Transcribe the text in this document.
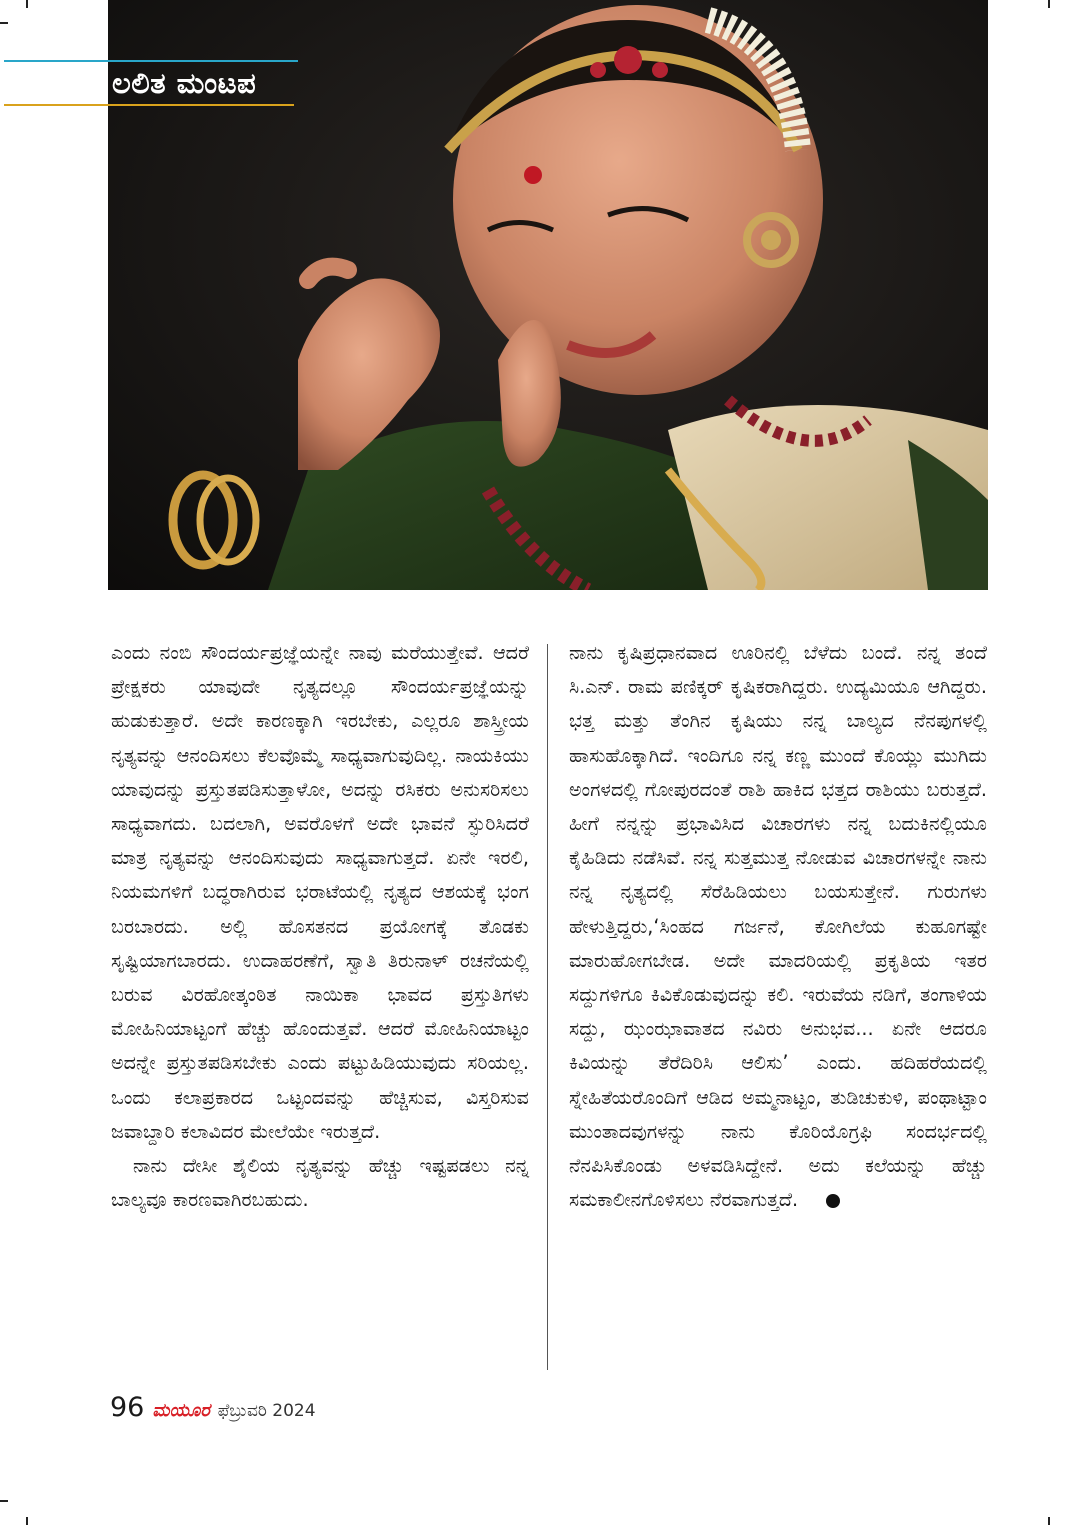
ಲಲಿತ ಮಂಟಪ

ಎಂದು ನಂಬಿ ಸೌಂದರ್ಯಪ್ರಜ್ಞೆಯನ್ನೇ ನಾವು ಮರೆಯುತ್ತೇವೆ. ಆದರೆ ಪ್ರೇಕ್ಷಕರು ಯಾವುದೇ ನೃತ್ಯದಲ್ಲೂ ಸೌಂದರ್ಯಪ್ರಜ್ಞೆಯನ್ನು ಹುಡುಕುತ್ತಾರೆ. ಅದೇ ಕಾರಣಕ್ಕಾಗಿ ಇರಬೇಕು, ಎಲ್ಲರೂ ಶಾಸ್ತ್ರೀಯ ನೃತ್ಯವನ್ನು ಆನಂದಿಸಲು ಕೆಲವೊಮ್ಮೆ ಸಾಧ್ಯವಾಗುವುದಿಲ್ಲ. ನಾಯಕಿಯು ಯಾವುದನ್ನು ಪ್ರಸ್ತುತಪಡಿಸುತ್ತಾಳೋ, ಅದನ್ನು ರಸಿಕರು ಅನುಸರಿಸಲು ಸಾಧ್ಯವಾಗದು. ಬದಲಾಗಿ, ಅವರೊಳಗೆ ಅದೇ ಭಾವನೆ ಸ್ಫುರಿಸಿದರೆ ಮಾತ್ರ ನೃತ್ಯವನ್ನು ಆನಂದಿಸುವುದು ಸಾಧ್ಯವಾಗುತ್ತದೆ. ಏನೇ ಇರಲಿ, ನಿಯಮಗಳಿಗೆ ಬದ್ಧರಾಗಿರುವ ಭರಾಟೆಯಲ್ಲಿ ನೃತ್ಯದ ಆಶಯಕ್ಕೆ ಭಂಗ ಬರಬಾರದು. ಅಲ್ಲಿ ಹೊಸತನದ ಪ್ರಯೋಗಕ್ಕೆ ತೊಡಕು ಸೃಷ್ಟಿಯಾಗಬಾರದು. ಉದಾಹರಣೆಗೆ, ಸ್ವಾತಿ ತಿರುನಾಳ್ ರಚನೆಯಲ್ಲಿ ಬರುವ ವಿರಹೋತ್ಕಂಠಿತ ನಾಯಿಕಾ ಭಾವದ ಪ್ರಸ್ತುತಿಗಳು ಮೋಹಿನಿಯಾಟ್ಟಂಗೆ ಹೆಚ್ಚು ಹೊಂದುತ್ತವೆ. ಆದರೆ ಮೋಹಿನಿಯಾಟ್ಟಂ ಅದನ್ನೇ ಪ್ರಸ್ತುತಪಡಿಸಬೇಕು ಎಂದು ಪಟ್ಟುಹಿಡಿಯುವುದು ಸರಿಯಲ್ಲ. ಒಂದು ಕಲಾಪ್ರಕಾರದ ಒಟ್ಟಂದವನ್ನು ಹೆಚ್ಚಿಸುವ, ವಿಸ್ತರಿಸುವ ಜವಾಬ್ದಾರಿ ಕಲಾವಿದರ ಮೇಲೆಯೇ ಇರುತ್ತದೆ.

ನಾನು ದೇಸೀ ಶೈಲಿಯ ನೃತ್ಯವನ್ನು ಹೆಚ್ಚು ಇಷ್ಟಪಡಲು ನನ್ನ ಬಾಲ್ಯವೂ ಕಾರಣವಾಗಿರಬಹುದು.

ನಾನು ಕೃಷಿಪ್ರಧಾನವಾದ ಊರಿನಲ್ಲಿ ಬೆಳೆದು ಬಂದೆ. ನನ್ನ ತಂದೆ ಸಿ.ಎನ್. ರಾಮ ಪಣಿಕ್ಕರ್ ಕೃಷಿಕರಾಗಿದ್ದರು. ಉದ್ಯಮಿಯೂ ಆಗಿದ್ದರು. ಭತ್ತ ಮತ್ತು ತೆಂಗಿನ ಕೃಷಿಯು ನನ್ನ ಬಾಲ್ಯದ ನೆನಪುಗಳಲ್ಲಿ ಹಾಸುಹೊಕ್ಕಾಗಿದೆ. ಇಂದಿಗೂ ನನ್ನ ಕಣ್ಣ ಮುಂದೆ ಕೊಯ್ಲು ಮುಗಿದು ಅಂಗಳದಲ್ಲಿ ಗೋಪುರದಂತೆ ರಾಶಿ ಹಾಕಿದ ಭತ್ತದ ರಾಶಿಯು ಬರುತ್ತದೆ. ಹೀಗೆ ನನ್ನನ್ನು ಪ್ರಭಾವಿಸಿದ ವಿಚಾರಗಳು ನನ್ನ ಬದುಕಿನಲ್ಲಿಯೂ ಕೈಹಿಡಿದು ನಡೆಸಿವೆ. ನನ್ನ ಸುತ್ತಮುತ್ತ ನೋಡುವ ವಿಚಾರಗಳನ್ನೇ ನಾನು ನನ್ನ ನೃತ್ಯದಲ್ಲಿ ಸೆರೆಹಿಡಿಯಲು ಬಯಸುತ್ತೇನೆ. ಗುರುಗಳು ಹೇಳುತ್ತಿದ್ದರು,‘ಸಿಂಹದ ಗರ್ಜನೆ, ಕೋಗಿಲೆಯ ಕುಹೂಗಷ್ಟೇ ಮಾರುಹೋಗಬೇಡ. ಅದೇ ಮಾದರಿಯಲ್ಲಿ ಪ್ರಕೃತಿಯ ಇತರ ಸದ್ದುಗಳಿಗೂ ಕಿವಿಕೊಡುವುದನ್ನು ಕಲಿ. ಇರುವೆಯ ನಡಿಗೆ, ತಂಗಾಳಿಯ ಸದ್ದು, ಝಂಝಾವಾತದ ನವಿರು ಅನುಭವ... ಏನೇ ಆದರೂ ಕಿವಿಯನ್ನು ತೆರೆದಿರಿಸಿ ಆಲಿಸು’ ಎಂದು. ಹದಿಹರೆಯದಲ್ಲಿ ಸ್ನೇಹಿತೆಯರೊಂದಿಗೆ ಆಡಿದ ಅಮ್ಮನಾಟ್ಟಂ, ತುಡಿಚುಕುಳಿ, ಪಂಥಾಟ್ಟಾಂ ಮುಂತಾದವುಗಳನ್ನು ನಾನು ಕೊರಿಯೊಗ್ರಫಿ ಸಂದರ್ಭದಲ್ಲಿ ನೆನಪಿಸಿಕೊಂಡು ಅಳವಡಿಸಿದ್ದೇನೆ. ಅದು ಕಲೆಯನ್ನು ಹೆಚ್ಚು ಸಮಕಾಲೀನಗೊಳಿಸಲು ನೆರವಾಗುತ್ತದೆ.

96 ಮಯೂರ ಫೆಬ್ರುವರಿ 2024
